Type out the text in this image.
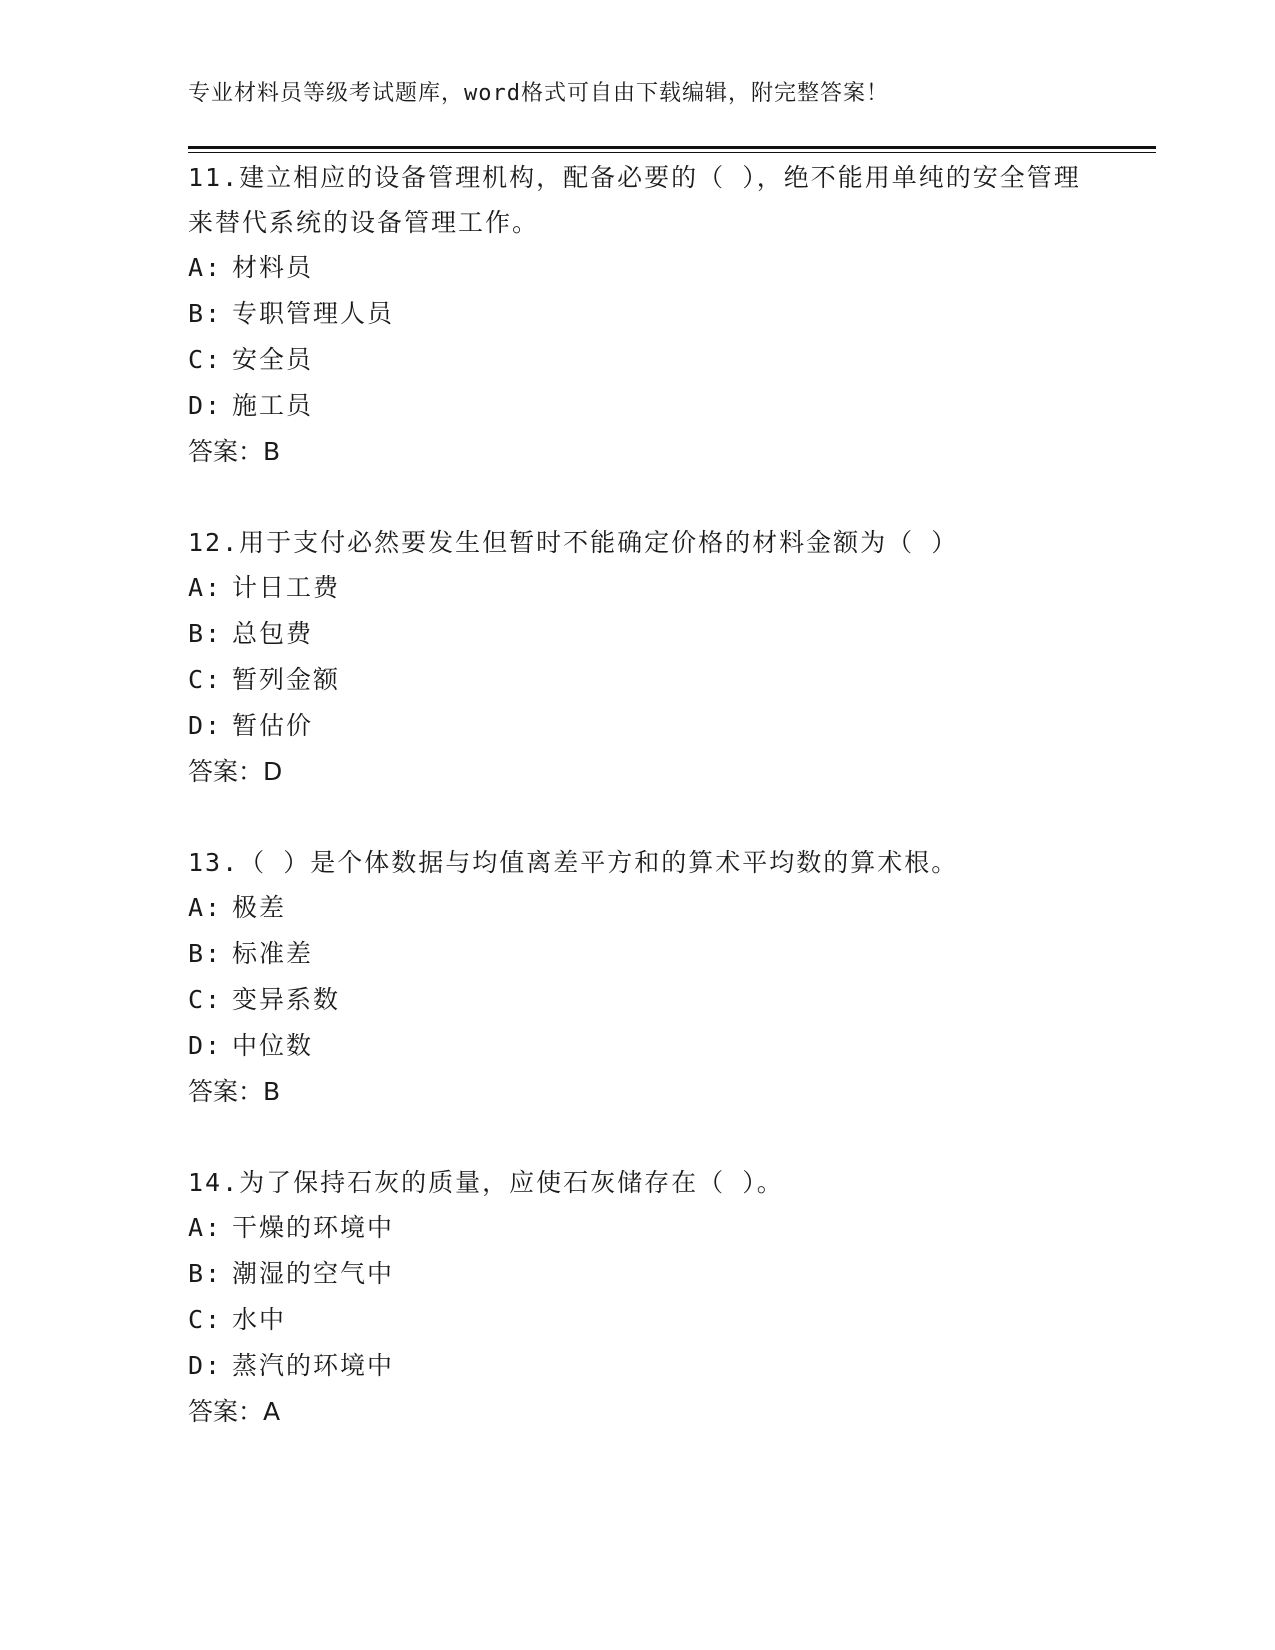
专业材料员等级考试题库，word格式可自由下载编辑，附完整答案！
11.建立相应的设备管理机构，配备必要的（ ），绝不能用单纯的安全管理来替代系统的设备管理工作。
A: 材料员
B: 专职管理人员
C: 安全员
D: 施工员
答案：B
12.用于支付必然要发生但暂时不能确定价格的材料金额为（ ）
A: 计日工费
B: 总包费
C: 暂列金额
D: 暂估价
答案：D
13.（ ）是个体数据与均值离差平方和的算术平均数的算术根。
A: 极差
B: 标准差
C: 变异系数
D: 中位数
答案：B
14.为了保持石灰的质量，应使石灰储存在（ ）。
A: 干燥的环境中
B: 潮湿的空气中
C: 水中
D: 蒸汽的环境中
答案：A
